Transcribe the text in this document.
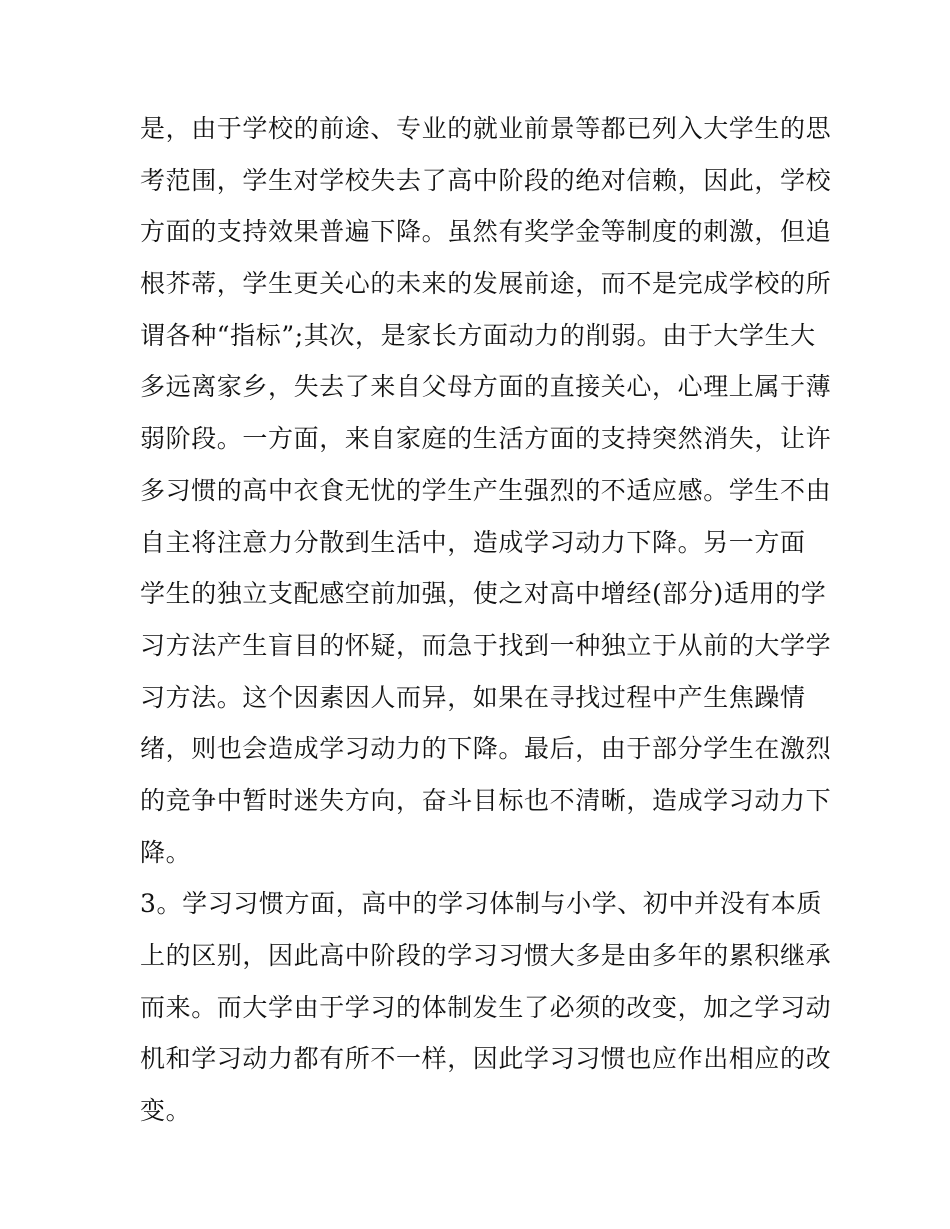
是，由于学校的前途、专业的就业前景等都已列入大学生的思
考范围，学生对学校失去了高中阶段的绝对信赖，因此，学校
方面的支持效果普遍下降。虽然有奖学金等制度的刺激，但追
根芥蒂，学生更关心的未来的发展前途，而不是完成学校的所
谓各种“指标”;其次，是家长方面动力的削弱。由于大学生大
多远离家乡，失去了来自父母方面的直接关心，心理上属于薄
弱阶段。一方面，来自家庭的生活方面的支持突然消失，让许
多习惯的高中衣食无忧的学生产生强烈的不适应感。学生不由
自主将注意力分散到生活中，造成学习动力下降。另一方面
学生的独立支配感空前加强，使之对高中增经(部分)适用的学
习方法产生盲目的怀疑，而急于找到一种独立于从前的大学学
习方法。这个因素因人而异，如果在寻找过程中产生焦躁情
绪，则也会造成学习动力的下降。最后，由于部分学生在激烈
的竞争中暂时迷失方向，奋斗目标也不清晰，造成学习动力下
降。
3。学习习惯方面，高中的学习体制与小学、初中并没有本质
上的区别，因此高中阶段的学习习惯大多是由多年的累积继承
而来。而大学由于学习的体制发生了必须的改变，加之学习动
机和学习动力都有所不一样，因此学习习惯也应作出相应的改
变。
